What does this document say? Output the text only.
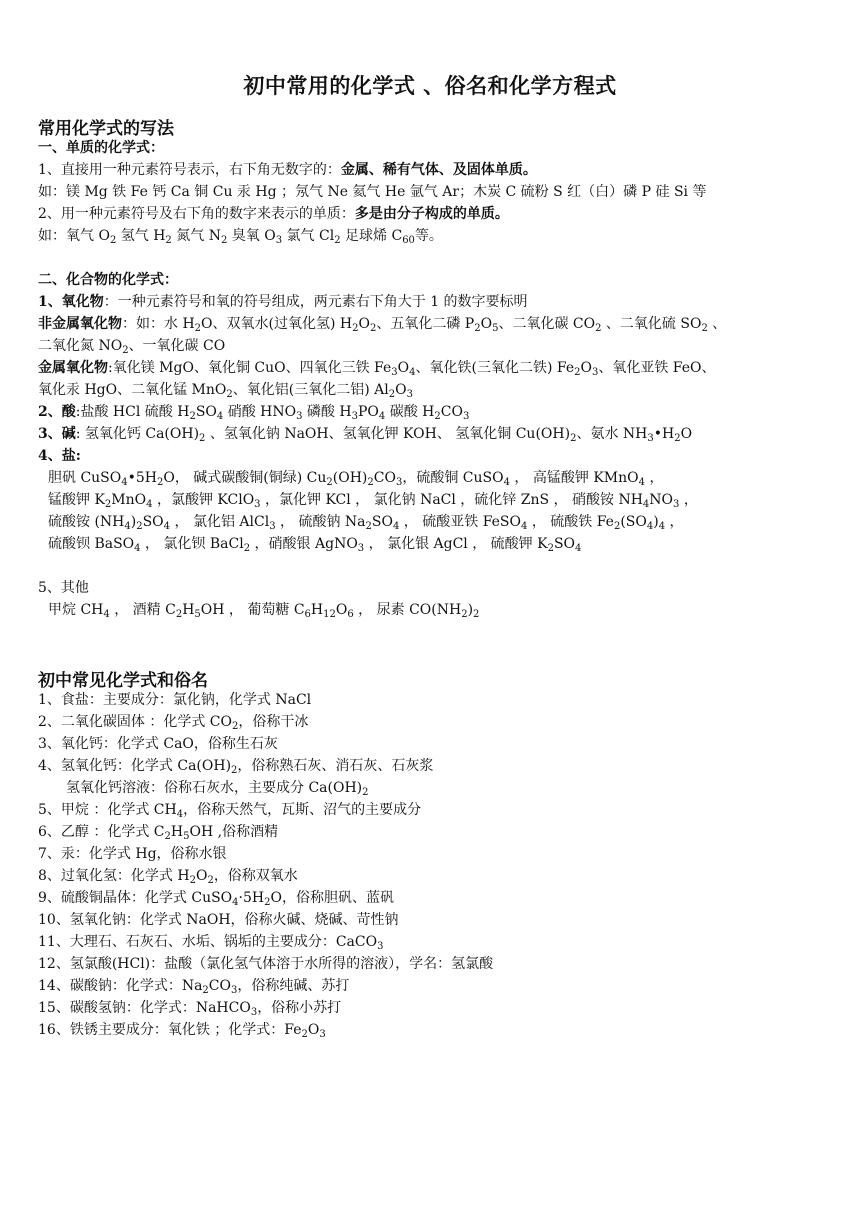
初中常用的化学式 、俗名和化学方程式
常用化学式的写法
一、单质的化学式：
1、直接用一种元素符号表示，右下角无数字的：金属、稀有气体、及固体单质。
如：镁 Mg 铁 Fe 钙 Ca 铜 Cu 汞 Hg ；氖气 Ne 氦气 He 氩气 Ar；木炭 C 硫粉 S 红（白）磷 P 硅 Si 等
2、用一种元素符号及右下角的数字来表示的单质：多是由分子构成的单质。
如：氧气 $O_2$ 氢气 $H_2$ 氮气 $N_2$ 臭氧 $O_3$ 氯气 $Cl_2$ 足球烯 $C_{60}$等。
二、化合物的化学式：
1、氧化物：一种元素符号和氧的符号组成，两元素右下角大于 1 的数字要标明
非金属氧化物：如：水 $H_2O$、双氧水(过氧化氢) $H_2O_2$、五氧化二磷 $P_2O_5$、二氧化碳 $CO_2$ 、二氧化硫 $SO_2$ 、
二氧化氮 $NO_2$、一氧化碳 CO
金属氧化物:氧化镁 MgO、氧化铜 CuO、四氧化三铁 $Fe_3O_4$、氧化铁(三氧化二铁) $Fe_2O_3$、氧化亚铁 FeO、
氧化汞 HgO、二氧化锰 MnO$_2$、氧化铝(三氧化二铝) $Al_2O_3$
2、酸:盐酸 HCl 硫酸 $H_2SO_4$ 硝酸 $HNO_3$ 磷酸 $H_3PO_4$ 碳酸 $H_2CO_3$
3、碱: 氢氧化钙 $Ca(OH)_2$ 、氢氧化钠 NaOH、氢氧化钾 KOH、 氢氧化铜 $Cu(OH)_2$、氨水 $NH_3•H_2O$
4、盐:
胆矾 $CuSO_4•5H_2O$， 碱式碳酸铜(铜绿) $Cu_2(OH)_2CO_3$，硫酸铜 CuSO$_4$ ， 高锰酸钾 KMnO$_4$ ，
锰酸钾 $K_2MnO_4$ ，氯酸钾 KClO$_3$ ，氯化钾 KCl ， 氯化钠 NaCl ，硫化锌 ZnS ， 硝酸铵 $NH_4NO_3$ ，
硫酸铵 $(NH_4)_2SO_4$ ， 氯化铝 AlCl$_3$ ， 硫酸钠 $Na_2SO_4$ ， 硫酸亚铁 FeSO$_4$ ， 硫酸铁 $Fe_2(SO_4)_4$ ，
硫酸钡 BaSO$_4$ ， 氯化钡 BaCl$_2$ ，硝酸银 AgNO$_3$ ， 氯化银 AgCl ， 硫酸钾 $K_2SO_4$
5、其他
甲烷 $CH_4$ ， 酒精 $C_2H_5OH$ ， 葡萄糖 $C_6H_{12}O_6$ ， 尿素 $CO(NH_2)_2$
初中常见化学式和俗名
1、食盐：主要成分：氯化钠，化学式 NaCl
2、二氧化碳固体 ：化学式 $CO_2$，俗称干冰
3、氧化钙：化学式 CaO，俗称生石灰
4、氢氧化钙：化学式 $Ca(OH)_2$，俗称熟石灰、消石灰、石灰浆
氢氧化钙溶液：俗称石灰水，主要成分 $Ca(OH)_2$
5、甲烷 ：化学式 $CH_4$，俗称天然气，瓦斯、沼气的主要成分
6、乙醇 ：化学式 $C_2H_5OH$ ,俗称酒精
7、汞：化学式 Hg，俗称水银
8、过氧化氢：化学式 $H_2O_2$，俗称双氧水
9、硫酸铜晶体：化学式 $CuSO_4\cdot 5H_2O$，俗称胆矾、蓝矾
10、氢氧化钠：化学式 NaOH，俗称火碱、烧碱、苛性钠
11、大理石、石灰石、水垢、锅垢的主要成分：CaCO$_3$
12、氢氯酸(HCl)：盐酸（氯化氢气体溶于水所得的溶液），学名：氢氯酸
14、碳酸钠：化学式：$Na_2CO_3$，俗称纯碱、苏打
15、碳酸氢钠：化学式：NaHCO$_3$，俗称小苏打
16、铁锈主要成分：氧化铁 ；化学式：$Fe_2O_3$
